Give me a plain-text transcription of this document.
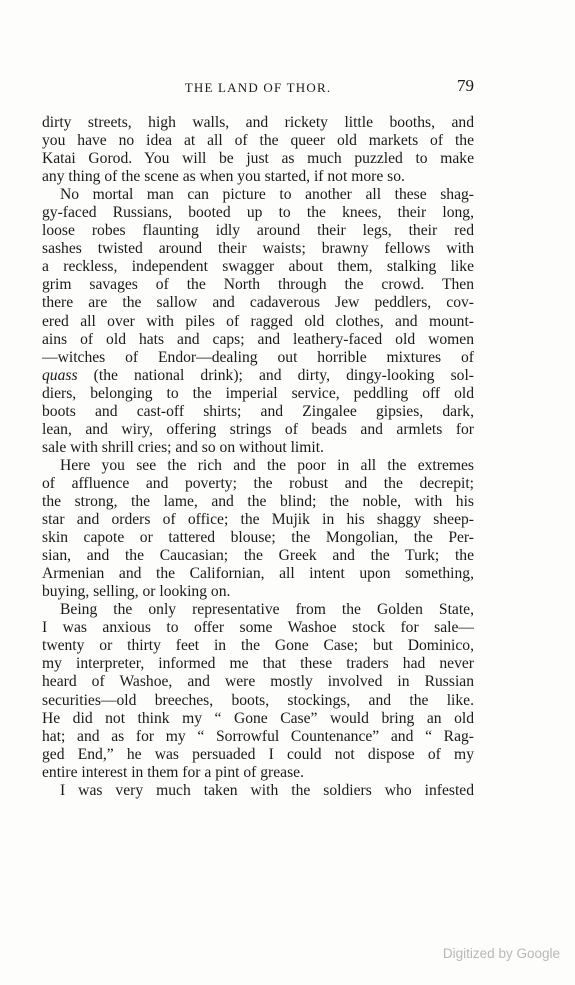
THE LAND OF THOR.	79
dirty streets, high walls, and rickety little booths, and
you have no idea at all of the queer old markets of the
Katai Gorod. You will be just as much puzzled to make
any thing of the scene as when you started, if not more so.
No mortal man can picture to another all these shag-
gy-faced Russians, booted up to the knees, their long,
loose robes flaunting idly around their legs, their red
sashes twisted around their waists; brawny fellows with
a reckless, independent swagger about them, stalking like
grim savages of the North through the crowd. Then
there are the sallow and cadaverous Jew peddlers, cov-
ered all over with piles of ragged old clothes, and mount-
ains of old hats and caps; and leathery-faced old women
—witches of Endor—dealing out horrible mixtures of
quass (the national drink); and dirty, dingy-looking sol-
diers, belonging to the imperial service, peddling off old
boots and cast-off shirts; and Zingalee gipsies, dark,
lean, and wiry, offering strings of beads and armlets for
sale with shrill cries; and so on without limit.
Here you see the rich and the poor in all the extremes
of affluence and poverty; the robust and the decrepit;
the strong, the lame, and the blind; the noble, with his
star and orders of office; the Mujik in his shaggy sheep-
skin capote or tattered blouse; the Mongolian, the Per-
sian, and the Caucasian; the Greek and the Turk; the
Armenian and the Californian, all intent upon something,
buying, selling, or looking on.
Being the only representative from the Golden State,
I was anxious to offer some Washoe stock for sale—
twenty or thirty feet in the Gone Case; but Dominico,
my interpreter, informed me that these traders had never
heard of Washoe, and were mostly involved in Russian
securities—old breeches, boots, stockings, and the like.
He did not think my “ Gone Case” would bring an old
hat; and as for my “ Sorrowful Countenance” and “ Rag-
ged End,” he was persuaded I could not dispose of my
entire interest in them for a pint of grease.
I was very much taken with the soldiers who infested
Digitized by Google
